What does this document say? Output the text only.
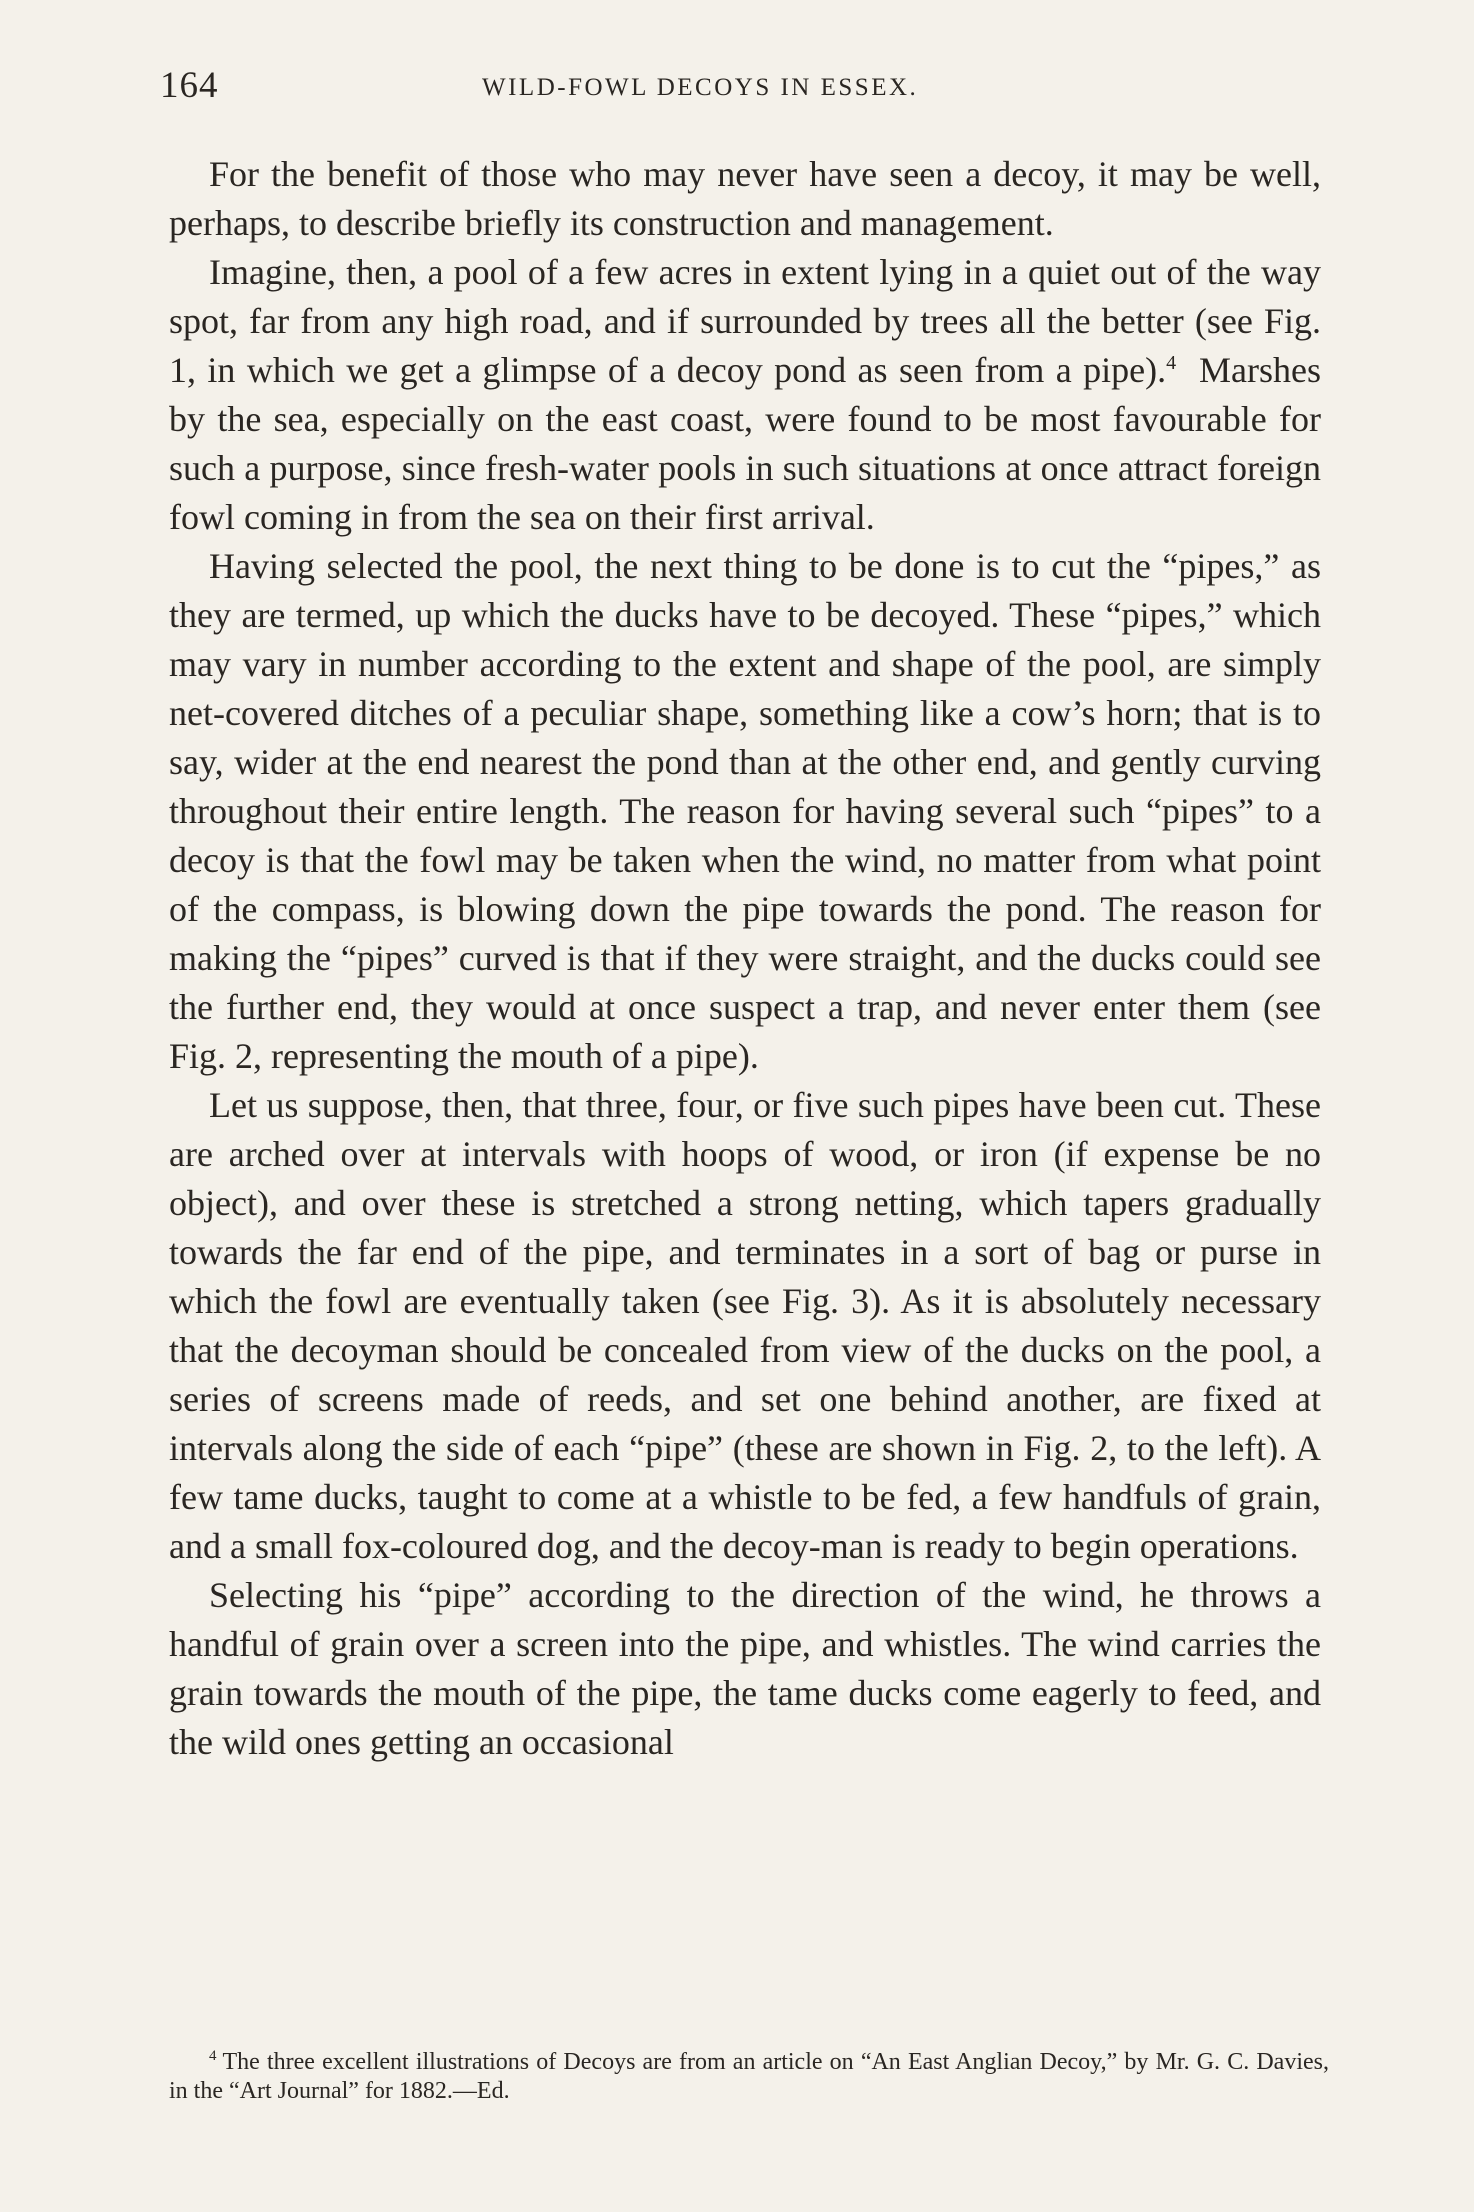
164	WILD-FOWL DECOYS IN ESSEX.

For the benefit of those who may never have seen a decoy, it may be well, perhaps, to describe briefly its construction and management.

Imagine, then, a pool of a few acres in extent lying in a quiet out of the way spot, far from any high road, and if surrounded by trees all the better (see Fig. 1, in which we get a glimpse of a decoy pond as seen from a pipe).$^4$ Marshes by the sea, especially on the east coast, were found to be most favourable for such a purpose, since fresh-water pools in such situations at once attract foreign fowl coming in from the sea on their first arrival.

Having selected the pool, the next thing to be done is to cut the “pipes,” as they are termed, up which the ducks have to be decoyed. These “pipes,” which may vary in number according to the extent and shape of the pool, are simply net-covered ditches of a peculiar shape, something like a cow’s horn; that is to say, wider at the end nearest the pond than at the other end, and gently curving throughout their entire length. The reason for having several such “pipes” to a decoy is that the fowl may be taken when the wind, no matter from what point of the compass, is blowing down the pipe towards the pond. The reason for making the “pipes” curved is that if they were straight, and the ducks could see the further end, they would at once suspect a trap, and never enter them (see Fig. 2, representing the mouth of a pipe).

Let us suppose, then, that three, four, or five such pipes have been cut. These are arched over at intervals with hoops of wood, or iron (if expense be no object), and over these is stretched a strong netting, which tapers gradually towards the far end of the pipe, and terminates in a sort of bag or purse in which the fowl are eventually taken (see Fig. 3). As it is absolutely necessary that the decoyman should be concealed from view of the ducks on the pool, a series of screens made of reeds, and set one behind another, are fixed at intervals along the side of each “pipe” (these are shown in Fig. 2, to the left). A few tame ducks, taught to come at a whistle to be fed, a few handfuls of grain, and a small fox-coloured dog, and the decoy-man is ready to begin operations.

Selecting his “pipe” according to the direction of the wind, he throws a handful of grain over a screen into the pipe, and whistles. The wind carries the grain towards the mouth of the pipe, the tame ducks come eagerly to feed, and the wild ones getting an occasional

$^4$ The three excellent illustrations of Decoys are from an article on “An East Anglian Decoy,” by Mr. G. C. Davies, in the “Art Journal” for 1882.—Ed.
